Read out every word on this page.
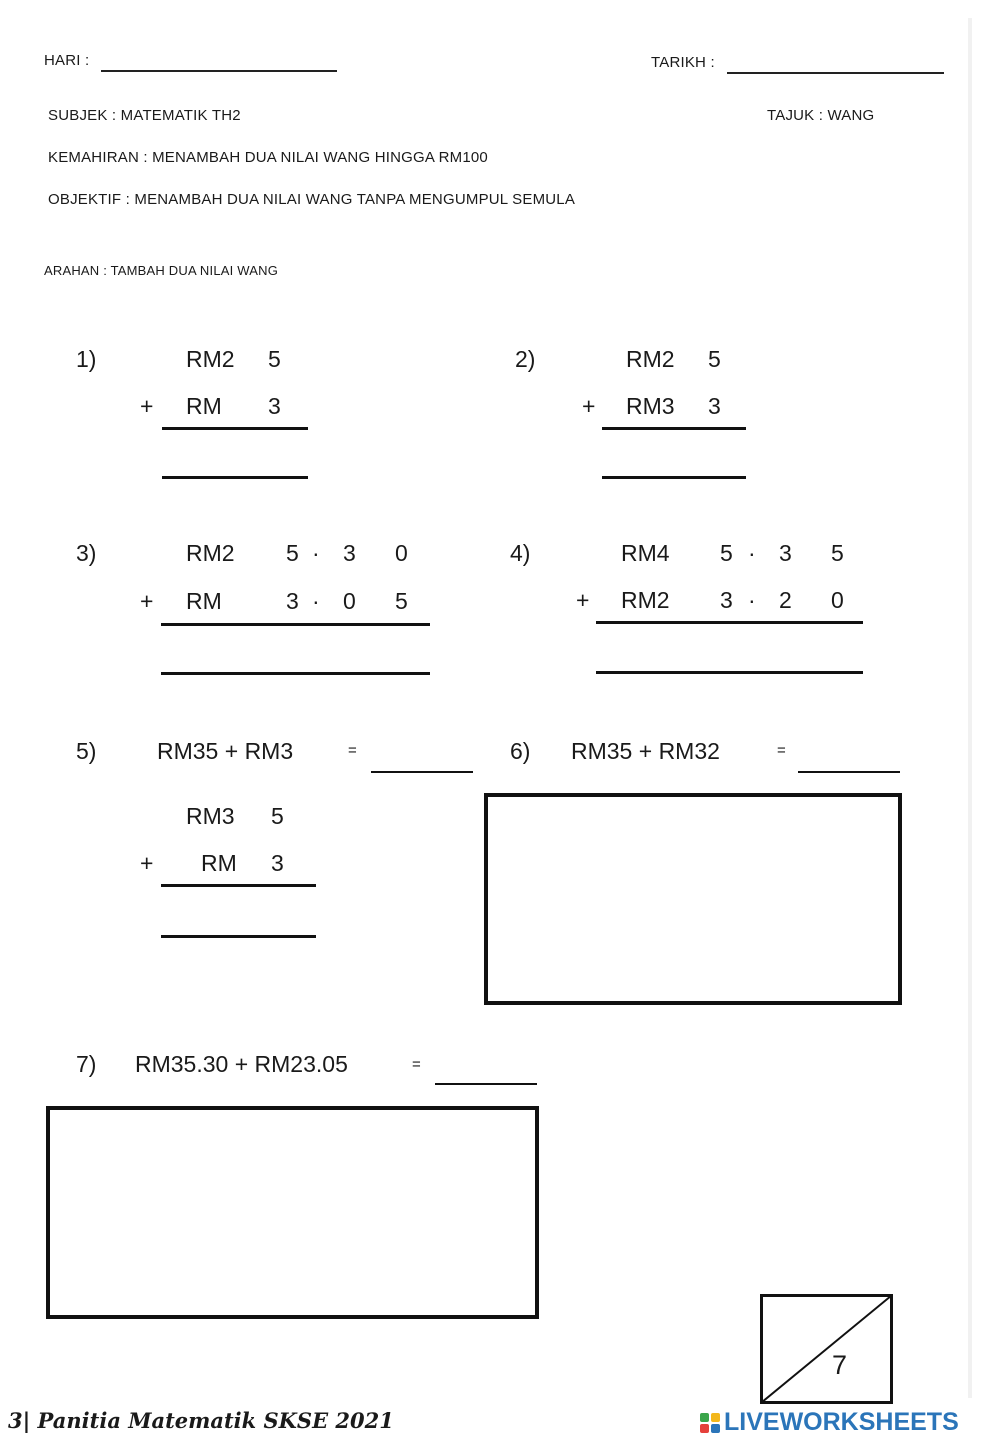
HARI :	TARIKH :
SUBJEK : MATEMATIK TH2	TAJUK : WANG
KEMAHIRAN : MENAMBAH DUA NILAI WANG HINGGA RM100
OBJEKTIF : MENAMBAH DUA NILAI WANG TANPA MENGUMPUL SEMULA
ARAHAN : TAMBAH DUA NILAI WANG
1)	RM2 5
+ RM 3
2)	RM2 5
+ RM3 3
3)	RM2 5 · 3 0
+ RM	3 · 0 5
4)	RM4 5 · 3 5
+ RM2 3 · 2 0
5)	RM35 + RM3	=
RM3 5
+ RM 3
6) RM35 + RM32	=
7) RM35.30 + RM23.05	=
7
3| Panitia Matematik SKSE 2021	LIVEWORKSHEETS
